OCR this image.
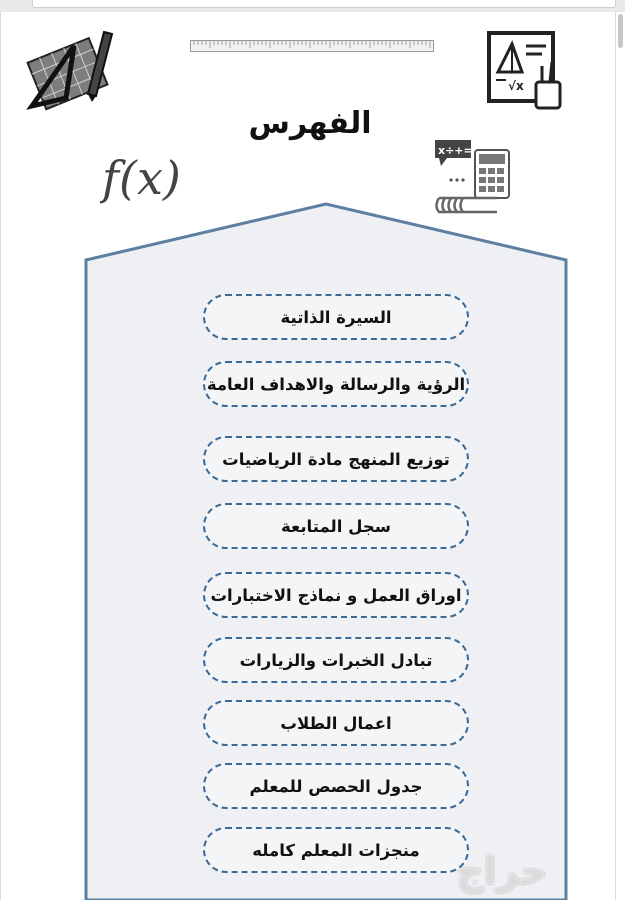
√x
الفهرس
f(x)
x÷+=
السيرة الذاتية
الرؤية والرسالة والاهداف العامة
توزيع المنهج مادة الرياضيات
سجل المتابعة
اوراق العمل و نماذج الاختبارات
تبادل الخبرات والزيارات
اعمال الطلاب
جدول الحصص للمعلم
منجزات المعلم كامله حراج
